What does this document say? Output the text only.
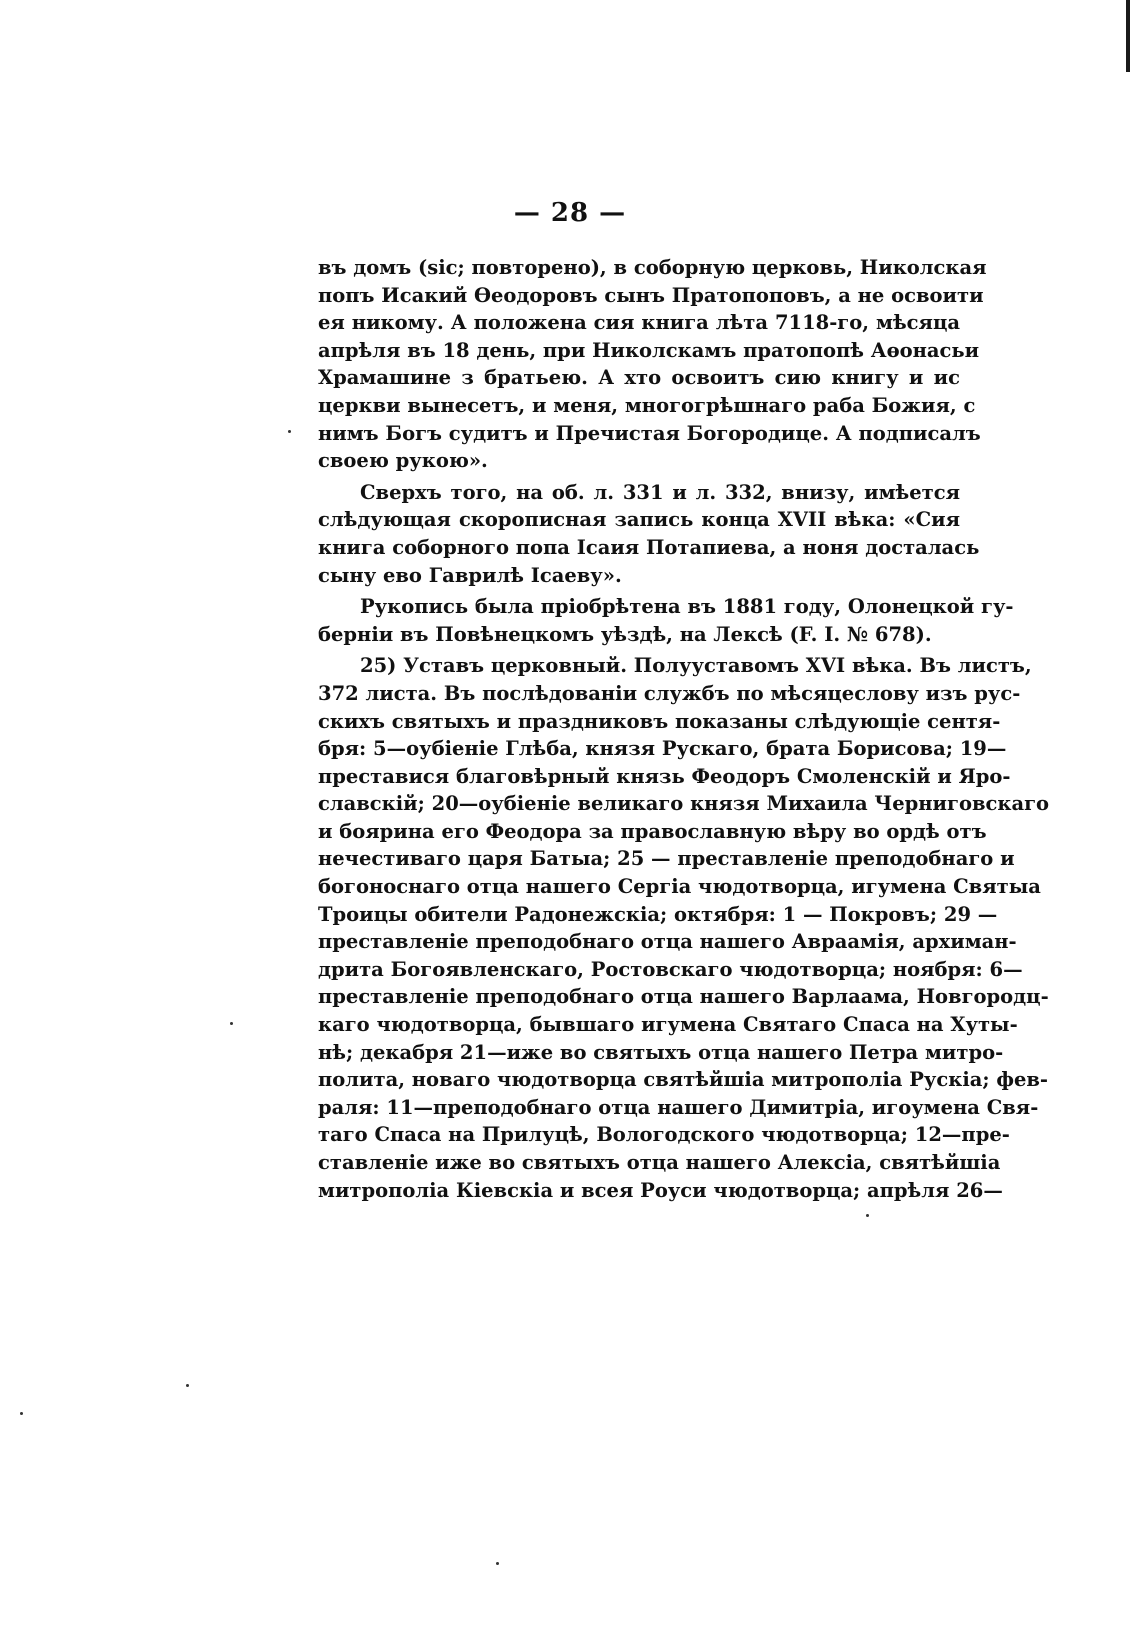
— 28 —
въ домъ (sic; повторено), в соборную церковь, Николская
попъ Исакий Өеодоровъ сынъ Пратопоповъ, а не освоити
ея никому. А положена сия книга лѣта 7118-го, мѣсяца
апрѣля въ 18 день, при Николскамъ пратопопѣ Аөонасьи
Храмашине з братьею. А хто освоитъ сию книгу и ис
церкви вынесетъ, и меня, многогрѣшнаго раба Божия, с
нимъ Богъ судитъ и Пречистая Богородице. А подписалъ
своею рукою».
Сверхъ того, на об. л. 331 и л. 332, внизу, имѣется
слѣдующая скорописная запись конца XVII вѣка: «Сия
книга соборного попа Ісаия Потапиева, а ноня досталась
сыну ево Гаврилѣ Ісаеву».
Рукопись была пріобрѣтена въ 1881 году, Олонецкой гу-
берніи въ Повѣнецкомъ уѣздѣ, на Лексѣ (F. I. № 678).
25) Уставъ церковный. Полууставомъ XVI вѣка. Въ листъ,
372 листа. Въ послѣдованіи службъ по мѣсяцеслову изъ рус-
скихъ святыхъ и праздниковъ показаны слѣдующіе сентя-
бря: 5—оубіеніе Глѣба, князя Рускаго, брата Борисова; 19—
преставися благовѣрный князь Феодоръ Смоленскій и Яро-
славскій; 20—оубіеніе великаго князя Михаила Черниговскаго
и боярина его Феодора за православную вѣру во ордѣ отъ
нечестиваго царя Батыа; 25 — преставленіе преподобнаго и
богоноснаго отца нашего Сергіа чюдотворца, игумена Святыа
Троицы обители Радонежскіа; октября: 1 — Покровъ; 29 —
преставленіе преподобнаго отца нашего Авраамія, архиман-
дрита Богоявленскаго, Ростовскаго чюдотворца; ноября: 6—
преставленіе преподобнаго отца нашего Варлаама, Новгородц-
каго чюдотворца, бывшаго игумена Святаго Спаса на Хуты-
нѣ; декабря 21—иже во святыхъ отца нашего Петра митро-
полита, новаго чюдотворца святѣйшіа митрополіа Рускіа; фев-
раля: 11—преподобнаго отца нашего Димитріа, игоумена Свя-
таго Спаса на Прилуцѣ, Вологодского чюдотворца; 12—пре-
ставленіе иже во святыхъ отца нашего Алексіа, святѣйшіа
митрополіа Кіевскіа и всея Роуси чюдотворца; апрѣля 26—
